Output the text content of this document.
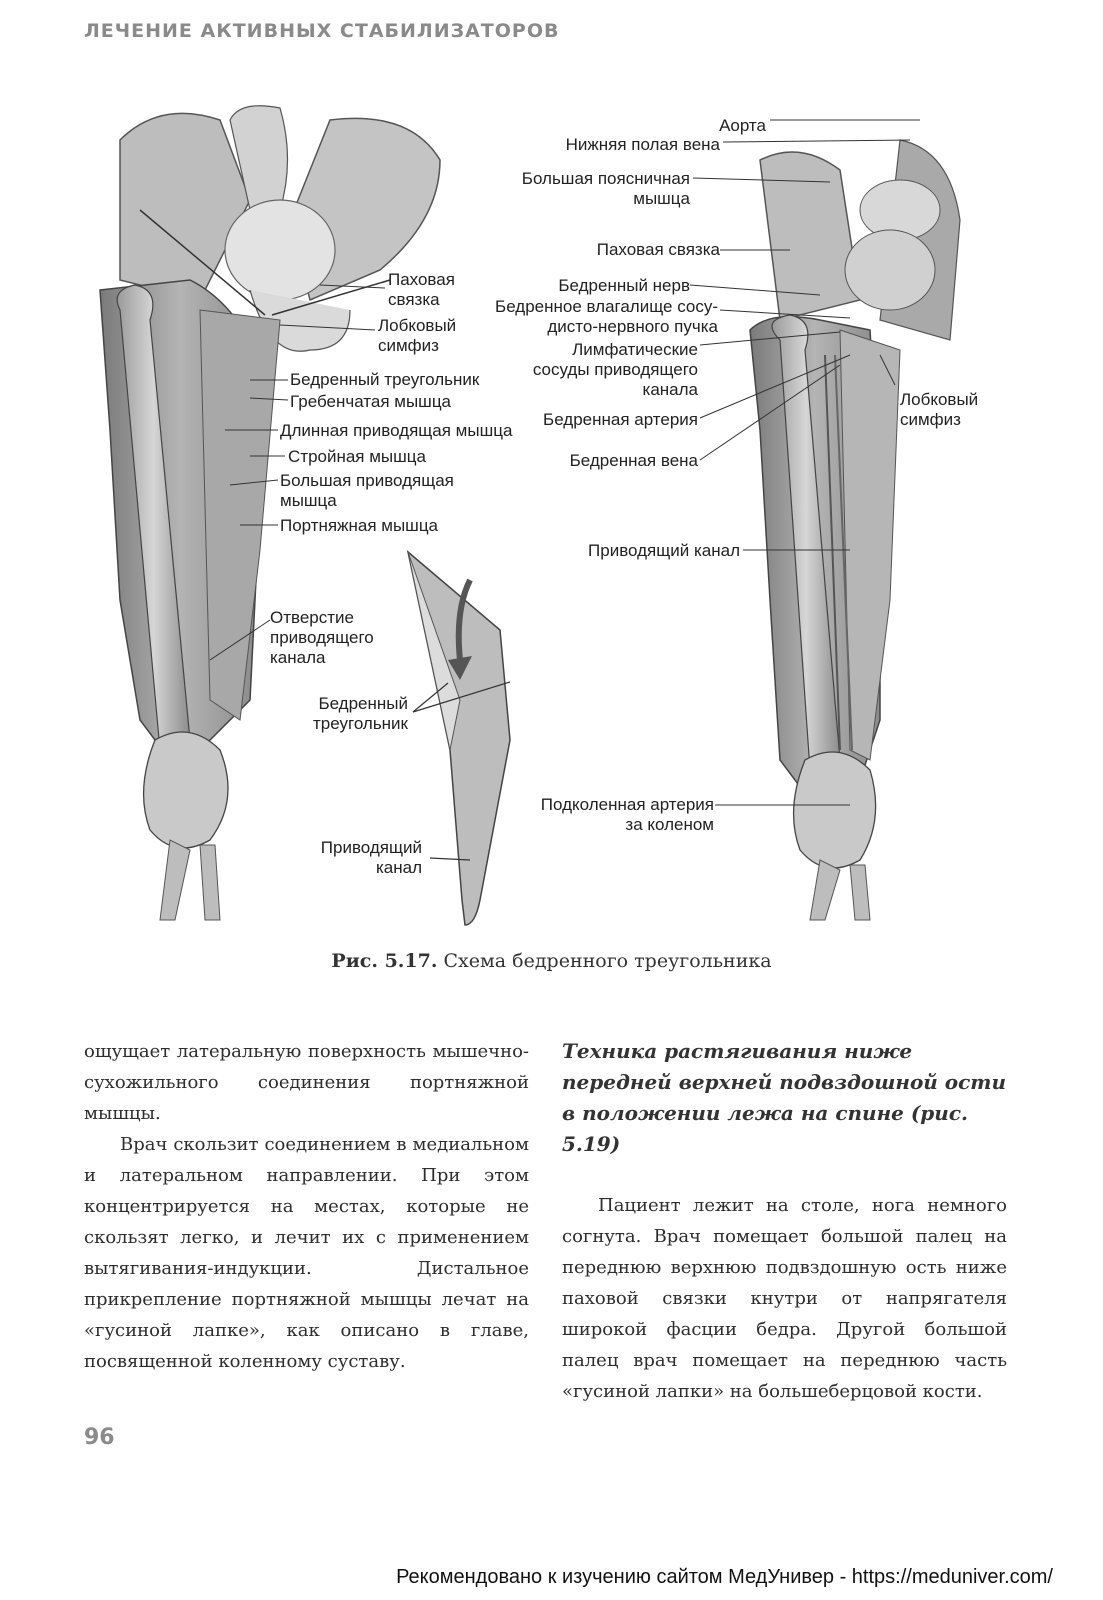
ЛЕЧЕНИЕ АКТИВНЫХ СТАБИЛИЗАТОРОВ
Паховая
связка
Лобковый
симфиз
Бедренный треугольник
Гребенчатая мышца
Длинная приводящая мышца
Стройная мышца
Большая приводящая
мышца
Портняжная мышца
Отверстие
приводящего
канала
Бедренный
треугольник
Приводящий
канал
Аорта
Нижняя полая вена
Большая поясничная
мышца
Паховая связка
Бедренный нерв
Бедренное влагалище сосу-
дисто-нервного пучка
Лимфатические
сосуды приводящего
канала
Бедренная артерия
Бедренная вена
Приводящий канал
Подколенная артерия
за коленом
Лобковый
симфиз
Рис. 5.17. Схема бедренного треугольника

ощущает латеральную поверхность мышечно-сухожильного соединения портняжной мышцы.

Врач скользит соединением в медиальном и латеральном направлении. При этом концентрируется на местах, которые не скользят легко, и лечит их с применением вытягивания-индукции. Дистальное прикрепление портняжной мышцы лечат на «гусиной лапке», как описано в главе, посвященной коленному суставу.

Техника растягивания ниже передней верхней подвздошной ости в положении лежа на спине (рис. 5.19)

Пациент лежит на столе, нога немного согнута. Врач помещает большой палец на переднюю верхнюю подвздошную ость ниже паховой связки кнутри от напрягателя широкой фасции бедра. Другой большой палец врач помещает на переднюю часть «гусиной лапки» на большеберцовой кости.

96
Рекомендовано к изучению сайтом МедУнивер - https://meduniver.com/
